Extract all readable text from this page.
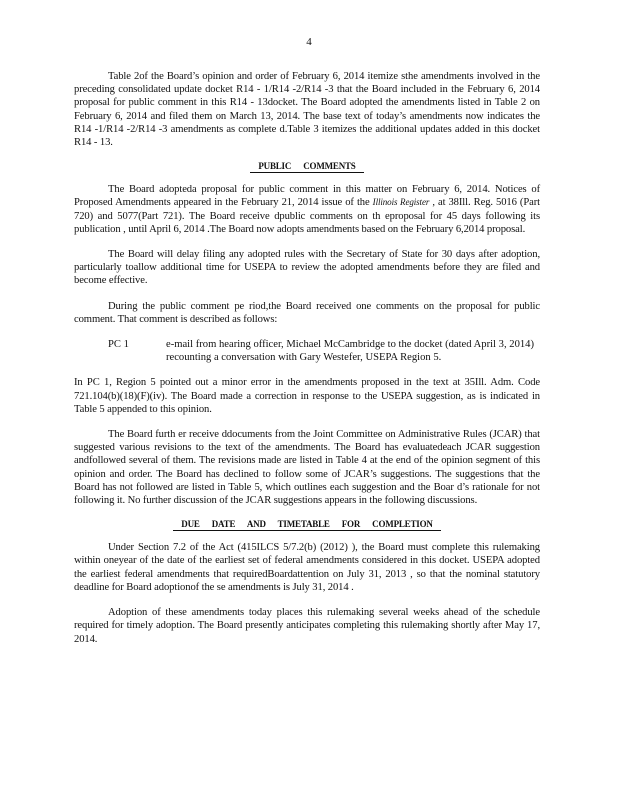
4

Table 2of the Board’s opinion and order of February 6, 2014 itemize sthe amendments involved in the preceding consolidated update docket R14 - 1/R14 -2/R14 -3 that the Board included in the February 6, 2014 proposal for public comment in this R14 - 13docket. The Board adopted the amendments listed in Table 2 on February 6, 2014 and filed them on March 13, 2014. The base text of today’s amendments now indicates the R14 -1/R14 -2/R14 -3 amendments as complete d.Table 3 itemizes the additional updates added in this docket R14 - 13.

PUBLIC COMMENTS

The Board adopteda proposal for public comment in this matter on February 6, 2014. Notices of Proposed Amendments appeared in the February 21, 2014 issue of the Illinois Register , at 38Ill. Reg. 5016 (Part 720) and 5077(Part 721). The Board receive dpublic comments on th eproposal for 45 days following its publication , until April 6, 2014 .The Board now adopts amendments based on the February 6,2014 proposal.

The Board will delay filing any adopted rules with the Secretary of State for 30 days after adoption, particularly toallow additional time for USEPA to review the adopted amendments before they are filed and become effective.

During the public comment pe riod,the Board received one comments on the proposal for public comment. That comment is described as follows:

PC 1	e-mail from hearing officer, Michael McCambridge to the docket (dated April 3, 2014) recounting a conversation with Gary Westefer, USEPA Region 5.

In PC 1, Region 5 pointed out a minor error in the amendments proposed in the text at 35Ill. Adm. Code 721.104(b)(18)(F)(iv). The Board made a correction in response to the USEPA suggestion, as is indicated in Table 5 appended to this opinion.

The Board furth er receive ddocuments from the Joint Committee on Administrative Rules (JCAR) that suggested various revisions to the text of the amendments. The Board has evaluatedeach JCAR suggestion andfollowed several of them. The revisions made are listed in Table 4 at the end of the opinion segment of this opinion and order. The Board has declined to follow some of JCAR’s suggestions. The suggestions that the Board has not followed are listed in Table 5, which outlines each suggestion and the Boar d’s rationale for not following it. No further discussion of the JCAR suggestions appears in the following discussions.

DUE DATE AND TIMETABLE FOR COMPLETION

Under Section 7.2 of the Act (415ILCS 5/7.2(b) (2012) ), the Board must complete this rulemaking within oneyear of the date of the earliest set of federal amendments considered in this docket. USEPA adopted the earliest federal amendments that requiredBoardattention on July 31, 2013 , so that the nominal statutory deadline for Board adoptionof the se amendments is July 31, 2014 .

Adoption of these amendments today places this rulemaking several weeks ahead of the schedule required for timely adoption. The Board presently anticipates completing this rulemaking shortly after May 17, 2014.
